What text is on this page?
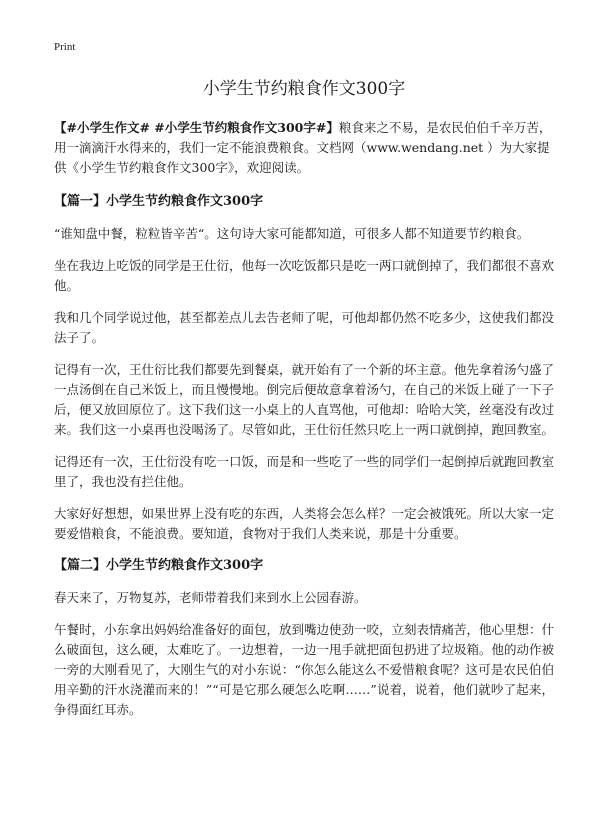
Print
小学生节约粮食作文300字

【#小学生作文# #小学生节约粮食作文300字#】粮食来之不易，是农民伯伯千辛万苦，用一滴滴汗水得来的，我们一定不能浪费粮食。文档网（www.wendang.net ）为大家提供《小学生节约粮食作文300字》，欢迎阅读。

【篇一】小学生节约粮食作文300字

“谁知盘中餐，粒粒皆辛苦“。这句诗大家可能都知道，可很多人都不知道要节约粮食。

坐在我边上吃饭的同学是王仕衍，他每一次吃饭都只是吃一两口就倒掉了，我们都很不喜欢他。

我和几个同学说过他，甚至都差点儿去告老师了呢，可他却都仍然不吃多少，这使我们都没法子了。

记得有一次，王仕衍比我们都要先到餐桌，就开始有了一个新的坏主意。他先拿着汤勺盛了一点汤倒在自己米饭上，而且慢慢地。倒完后便故意拿着汤勺，在自己的米饭上碰了一下子后，便又放回原位了。这下我们这一小桌上的人直骂他，可他却：哈哈大笑，丝毫没有改过来。我们这一小桌再也没喝汤了。尽管如此，王仕衍任然只吃上一两口就倒掉，跑回教室。

记得还有一次，王仕衍没有吃一口饭，而是和一些吃了一些的同学们一起倒掉后就跑回教室里了，我也没有拦住他。

大家好好想想，如果世界上没有吃的东西，人类将会怎么样？一定会被饿死。所以大家一定要爱惜粮食，不能浪费。要知道，食物对于我们人类来说，那是十分重要。

【篇二】小学生节约粮食作文300字

春天来了，万物复苏，老师带着我们来到水上公园春游。

午餐时，小东拿出妈妈给准备好的面包，放到嘴边使劲一咬，立刻表情痛苦，他心里想：什么破面包，这么硬，太难吃了。一边想着，一边一甩手就把面包扔进了垃圾箱。他的动作被一旁的大刚看见了，大刚生气的对小东说：“你怎么能这么不爱惜粮食呢？这可是农民伯伯用辛勤的汗水浇灌而来的！”“可是它那么硬怎么吃啊……”说着，说着，他们就吵了起来，争得面红耳赤。
